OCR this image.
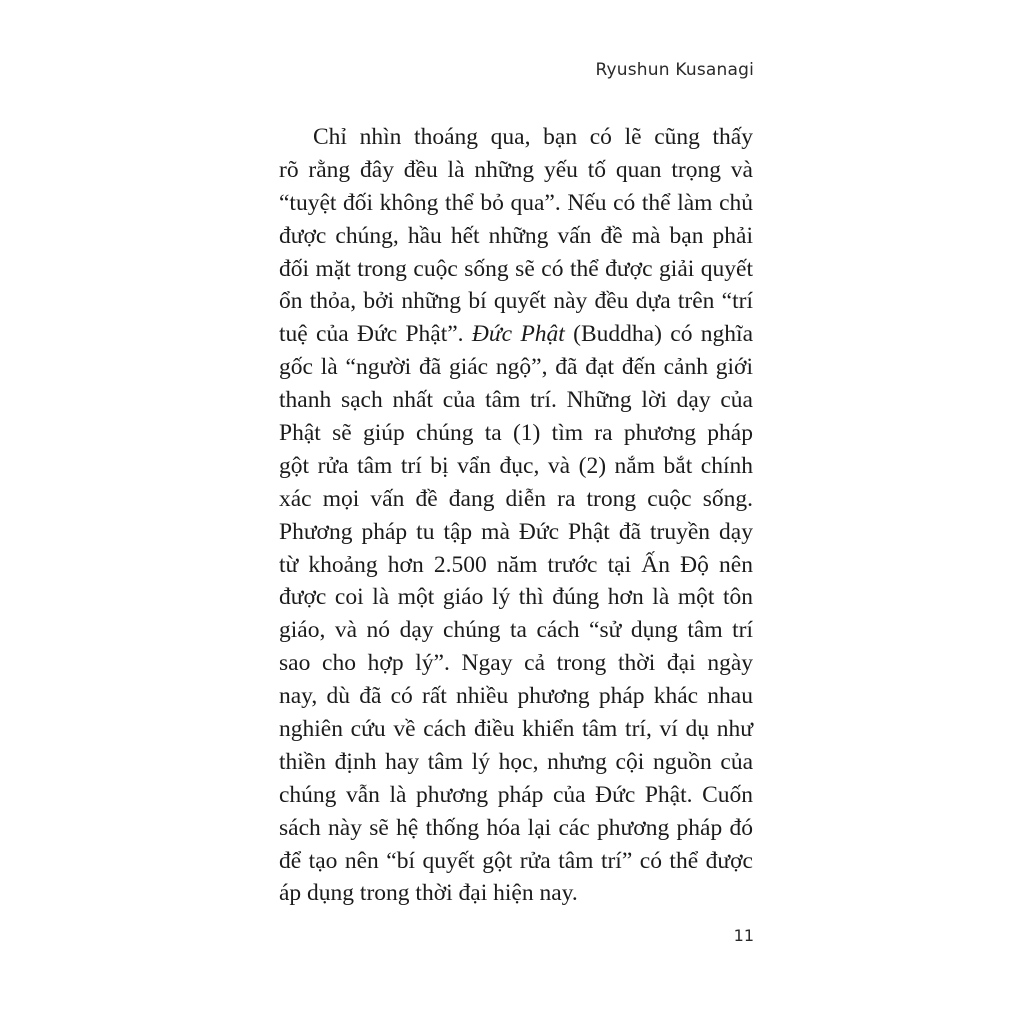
Ryushun Kusanagi
Chỉ nhìn thoáng qua, bạn có lẽ cũng thấy
rõ rằng đây đều là những yếu tố quan trọng và
“tuyệt đối không thể bỏ qua”. Nếu có thể làm chủ
được chúng, hầu hết những vấn đề mà bạn phải
đối mặt trong cuộc sống sẽ có thể được giải quyết
ổn thỏa, bởi những bí quyết này đều dựa trên “trí
tuệ của Đức Phật”. Đức Phật (Buddha) có nghĩa
gốc là “người đã giác ngộ”, đã đạt đến cảnh giới
thanh sạch nhất của tâm trí. Những lời dạy của
Phật sẽ giúp chúng ta (1) tìm ra phương pháp
gột rửa tâm trí bị vẩn đục, và (2) nắm bắt chính
xác mọi vấn đề đang diễn ra trong cuộc sống.
Phương pháp tu tập mà Đức Phật đã truyền dạy
từ khoảng hơn 2.500 năm trước tại Ấn Độ nên
được coi là một giáo lý thì đúng hơn là một tôn
giáo, và nó dạy chúng ta cách “sử dụng tâm trí
sao cho hợp lý”. Ngay cả trong thời đại ngày
nay, dù đã có rất nhiều phương pháp khác nhau
nghiên cứu về cách điều khiển tâm trí, ví dụ như
thiền định hay tâm lý học, nhưng cội nguồn của
chúng vẫn là phương pháp của Đức Phật. Cuốn
sách này sẽ hệ thống hóa lại các phương pháp đó
để tạo nên “bí quyết gột rửa tâm trí” có thể được
áp dụng trong thời đại hiện nay.
11
